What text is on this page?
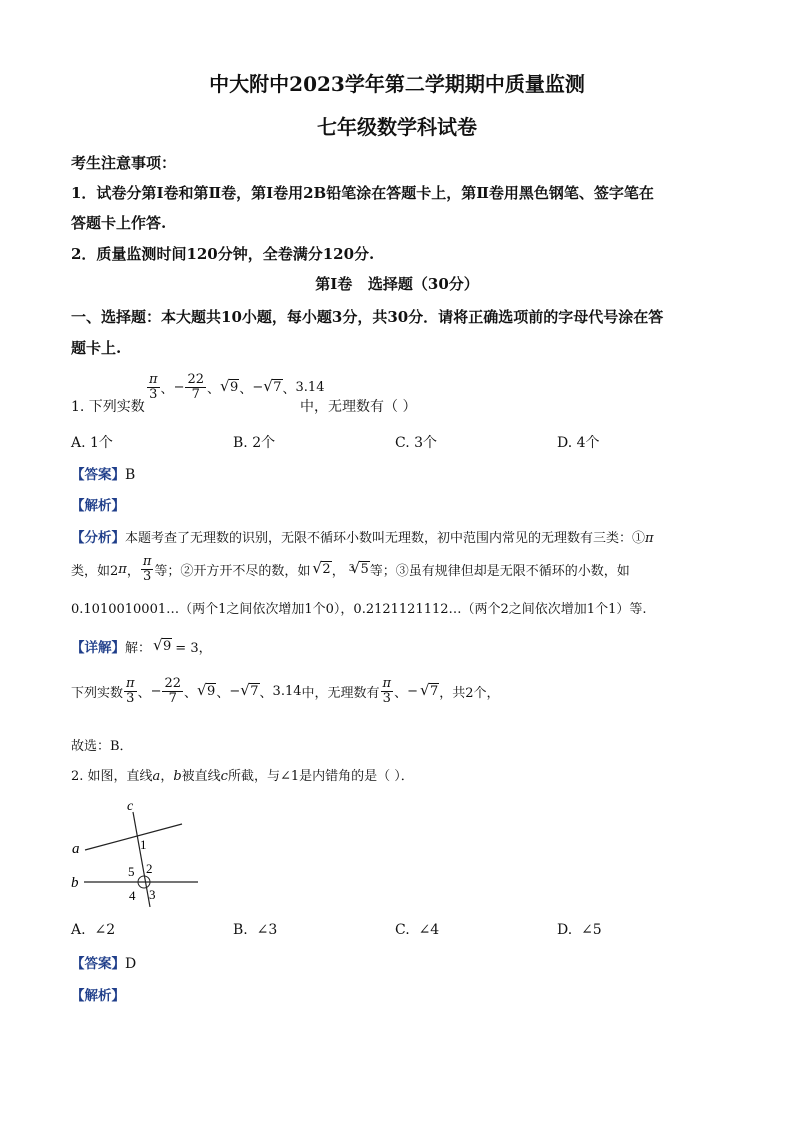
中大附中2023学年第二学期期中质量监测
七年级数学科试卷
考生注意事项：
1．试卷分第Ⅰ卷和第Ⅱ卷，第Ⅰ卷用2B铅笔涂在答题卡上，第Ⅱ卷用黑色钢笔、签字笔在
答题卡上作答.
2．质量监测时间120分钟，全卷满分120分.
第Ⅰ卷   选择题（30分）
一、选择题：本大题共10小题，每小题3分，共30分．请将正确选项前的字母代号涂在答
题卡上.
1. 下列实数
$\frac{\pi}{3}$ 、 − $\frac{22}{7}$ 、 √ 9 、 − √ 7 、 3.14
中，无理数有（ ）
A. 1个	B. 2个	C. 3个	D. 4个
【答案】B
【解析】
【分析】本题考查了无理数的识别，无限不循环小数叫无理数，初中范围内常见的无理数有三类：①π
类，如2 π ， $\frac{\pi}{3}$ 等；②开方开不尽的数，如 √ 2 ， 3 √ 5 等；③虽有规律但却是无限不循环的小数，如
0.1010010001…（两个1之间依次增加1个0），0.2121121112…（两个2之间依次增加1个1）等.
【详解】 解： √ 9 = 3，
下列实数 $\frac{\pi}{3}$ 、 − $\frac{22}{7}$ 、 √ 9 、 − √ 7 、 3.14 中，无理数有 $\frac{\pi}{3}$ 、 − √ 7 ，共2个，
故选：B．
2. 如图，直线a，b被直线c所截，与∠1是内错角的是（ ）．
c
a
b
1
2
5
4 3
A.  ∠2	B.  ∠3	C.  ∠4	D.  ∠5
【答案】D
【解析】
